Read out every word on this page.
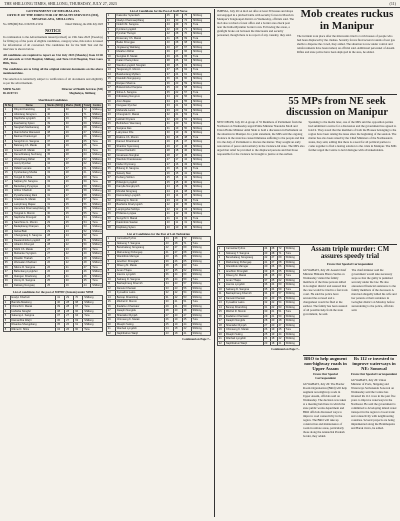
THE SHILLONG TIMES, SHILLONG, THURSDAY, JULY 27, 2023	(11)
GOVERNMENT OF MEGHALAYA
OFFICE OF THE DIRECTOR OF HEALTH SERVICES (MI),
MEGHALAYA, SHILLONG
No. DHS(MI)/Estt./2/2023/Pt-I/1234	Dated Shillong, the 26th July 2023
NOTICE

In continuation to the Advertisement issued (revised) on 13th June 2023 (Tuesday) for filling up of the posts of eligible candidates, category-wise, this notice is issued for information of all concerned. The candidates list for the Skill Test and the interview is shown below.

All candidates are required to report on 31st July 2023 (Monday) from 10:00 AM onwards at Civil Hospital, Shillong, and Tura Civil Hospital, West Garo Hills, Tura.

The candidates are to bring all the original relevant documents on the above mentioned date.

The selection is tentatively subject to verification of all documents and eligibility as per the advertisement.

MIPR No.621 Dt.26/07/23
Director of Health Services (MI)
Meghalaya, Shillong
Shortlisted Candidates
Sl No	Name	Marks (MCQ)	Marks (Skill)	Total	Centre
1	Rikynti Kharshiing	42	30	72	Shillong
2	Aiborlang Nongrum	40	31	71	Shillong
3	Daphisha Lyngdoh	41	29	70	Shillong
4	Everlasting Syiem	39	30	69	Shillong
5	Nangbah Marbaniang	38	30	68	Shillong
6	Ibanrishisha Wanswett	38	29	67	Shillong
7	Bashan Kharkongor	37	29	66	Shillong
8	Sengchim A. Sangma	37	28	65	Tura
9	Balsrang Ch. Marak	36	29	65	Tura
10	Greneth R. Marak	36	28	64	Tura
11	Damebhalang Suchiang	35	28	63	Shillong
12	Wanphrang Dkhar	35	27	62	Shillong
13	Jenny Rymbai	34	28	62	Shillong
14	Ridalin Lamare	34	27	61	Shillong
15	Kyrshanlang Shullai	33	28	61	Shillong
16	Tengsil D. Shira	33	27	60	Tura
17	Saljrang M. Sangma	33	26	59	Tura
18	Banteilang Pyngrope	32	27	59	Shillong
19	Iohbor Kharbuli	32	26	58	Shillong
20	Pynskhemlang Rani	31	27	58	Shillong
21	Gracious N. Marak	31	26	57	Tura
22	Lamphrang Majaw	31	25	56	Shillong
23	Hamebok Kharmawphlang	30	26	56	Shillong
24	Tengrak A. Momin	30	25	55	Tura
25	Naphisha Khongwir	30	24	54	Shillong
26	Sanchime G. Momin	29	25	54	Tura
27	Badapbiang Kharpan	29	24	53	Shillong
28	Ilarisa Blah	29	23	52	Shillong
29	Chengsrang K. Sangma	28	24	52	Tura
30	Dawanshisha Lyngdoh	28	23	51	Shillong
31	Aibanlin Khongsit	28	22	50	Shillong
32	Silchi Ch. Marak	27	23	50	Tura
33	Mebanker Syngkon	27	22	49	Shillong
34	Risuklin Thabah	27	21	48	Shillong
35	Wansalan Kharbani	26	22	48	Shillong
36	Nikme R. Sangma	26	21	47	Tura
37	Bahunlang Lyngkhoi	26	20	46	Shillong
38	Ibatngen Kharkrang	25	21	46	Shillong
39	Jimmy D. Sangma	25	20	45	Tura
40	Dabiang Nongsiej	25	19	44	Shillong
List of candidates for the post of MPHW (Female) under NHM
1	Evalyn Kharbuli	41	29	70	Shillong
2	Banrida Mawlong	40	28	68	Shillong
3	Chimchi N. Marak	39	28	67	Tura
4	Ioshisha Nongbri	38	28	66	Shillong
5	Salseng A. Sangma	37	27	64	Tura
6	Damanbha Warjri	36	27	63	Shillong
7	Riwanka Shangpliang	35	26	61	Shillong
8	Rikme D. Shira	34	26	60	Tura
List of Candidates for the Post of Staff Nurse
1	Ibakordor Syiemlieh	45	30	75	Shillong
2	Gladys Kharmawphlang	44	30	74	Shillong
3	Nokchi M. Sangma	43	29	72	Tura
4	Kyntiew Lyngdoh	42	29	71	Shillong
5	Pynshai Thongni	42	28	70	Shillong
6	Rosemary Ch. Marak	41	28	69	Tura
7	Badei Khongjee	40	28	68	Shillong
8	Jingiaseng Wahlang	40	27	67	Shillong
9	Meiahun Dkhar	39	27	66	Shillong
10	Sengbat R. Marak	39	26	65	Tura
11	Ibalari Kharsyntiew	38	26	64	Shillong
12	Wanda Lyngdoh Nonglait	38	25	63	Shillong
13	Tangsrang K. Momin	37	25	62	Tura
14	Baiahunlang Mylliem	37	24	61	Shillong
15	Dasuklin Nongspung	36	24	60	Shillong
16	Ranjeet Sharma	36	23	59	Shillong
17	Bidanshisha Kharjana	35	23	58	Shillong
18	Silme A. Sangma	35	22	57	Tura
19	Kitboklang Nongrum	34	22	56	Shillong
20	Aiom Majaw	34	21	55	Shillong
21	Nangsan Rymbai	33	21	54	Shillong
22	Mebanda Lamin	33	20	53	Shillong
23	Chengrak D. Marak	32	21	53	Tura
24	Iaishah Khyriem	32	20	52	Shillong
25	Bethlehem Wanniang	31	20	51	Shillong
26	Sanjana Das	31	19	50	Shillong
27	Lakyntiew Pde	30	19	49	Shillong
28	Rakime Ch. Momin	30	18	48	Tura
29	Ibameri Kharshandi	29	18	47	Shillong
30	Shanbor Syiemiong	29	17	46	Shillong
31	Prisca Kharlukhi	28	18	46	Shillong
32	Greatness Nongbet	28	17	45	Shillong
33	Wanbok Khardewsaw	27	17	44	Shillong
34	Naba Chyrmang	27	16	43	Shillong
35	Bilseng R. Sangma	26	16	42	Tura
36	Sweety Sten	26	15	41	Shillong
37	Kerlang Sohtun	25	16	41	Shillong
38	Pdiangki Lyngdoh	25	15	40	Shillong
39	Ibanylla Nongkynrih	24	15	39	Shillong
40	Mondal Nongrang	24	14	38	Shillong
41	Damonlang Lyngdoh	23	14	37	Shillong
42	Rikseng G. Momin	23	13	36	Tura
43	Bashisha Kharlyngdoh	22	13	35	Shillong
44	Lamjingshai Sohliya	22	12	34	Shillong
45	Philarisa Lyngwa	21	12	33	Shillong
46	Sengchi N. Marak	21	11	32	Tura
47	Ibadonbok Sawian	20	11	31	Shillong
48	Dapbiang Syiem	20	10	30	Shillong
List of Candidates for the Post of Lab Technician
1	Carmelita Pyrbot	44	28	72	Shillong
2	Nokseng T. Sangma	43	28	71	Tura
3	Banshailang Nongsiang	42	27	69	Shillong
4	Riahunlang Pohsngap	41	27	68	Shillong
5	Wankitbok Marngar	40	26	66	Shillong
6	Ianehbor Khonglah	39	26	65	Shillong
7	Dilseng M. Marak	38	25	63	Tura
8	Aman Thapa	37	25	62	Shillong
9	Ioannis Lyngdoh	36	24	60	Shillong
10	Salnang D. Sangma	35	24	59	Tura
11	Bashaphrang Kharmih	34	23	57	Shillong
12	Dameki Kharsati	33	23	56	Shillong
13	Kynsaibor Laloo	32	22	54	Shillong
14	Banrap Kharshiing	31	22	53	Shillong
15	Mitchel R. Momin	30	21	51	Tura
16	Ibadahun Kharnaior	29	21	50	Shillong
17	Daiaphi Nongtdu	28	20	48	Shillong
18	Shaniabor Rynjah	27	20	47	Shillong
19	Chimseng K. Marak	26	19	45	Tura
20	Risaphi Suting	25	19	44	Shillong
21	Wanbait Lyngdoh	24	18	42	Shillong
22	Naphibahun Warjri	23	18	41	Shillong
Continued on Page 7...
IMPHAL, July 26: A mob set afire at least 30 houses and shops and engaged in a pitched battle with security forces in Moreh in Manipur's Tengnoupal district on Wednesday, officials said. The mob also torched a forest office and a border area check post near the India-Myanmar border town. Following the arson, a gunfight broke out between the miscreants and security personnel, though there is no report of any casualty, they said.
Mob creates ruckus in Manipur
The incident took place after the miscreants tried to torch houses of people who had been displaced by the clashes. Security forces fired several rounds of tear gas shells to disperse the crowd, they added. The situation is now under control and reinforcements have been rushed, an official said. Additional personnel of Assam Rifles and state police have been deployed in the area, he added.
55 MPs from NE seek discussion on Manipur
NEW DELHI, July 26: A group of 55 Members of Parliament from the Northeast on Wednesday urged Prime Minister Narendra Modi and Union Home Minister Amit Shah to hold a discussion in Parliament on the situation in Manipur. In a joint statement, the MPs said the ongoing violence in the state has caused immense suffering to the people and that it is the duty of Parliament to discuss the matter. They sought an early restoration of peace and normalcy in the violence-hit state. The MPs also urged that relief be provided to the displaced persons and that those responsible for the violence be brought to justice at the earliest.
Speaking to the media later, one of the MPs said the opposition parties had submitted a notice for a discussion and the government has agreed to hold it. They noted that the members of both the Houses belonging to the region have been raising the issue since the beginning of the session. The matter has also been raised by the Chief Ministers of the Northeastern states, they said, adding that there is a need for all political parties to come together to find a lasting solution to the crisis in Manipur. The MPs further urged the Centre to hold dialogue with all stakeholders.
Assam triple murder: CM assures speedy trial
From Our Special Correspondent
GUWAHATI, July 26: Assam Chief Minister Himanta Biswa Sarma on Wednesday visited the family members of the three persons killed in Golaghat district and assured that the case would be tried in a fast track court. He said the police have arrested the accused and a chargesheet would be filed at the earliest. The family has been assured of all possible help from the state government, he said.
The chief minister said the government would take necessary steps so that the guilty is punished severely under the law. He also announced financial assistance to the family members of the deceased. A man had allegedly killed his wife and her parents at their residence in Golaghat district on Monday before surrendering to the police, officials said.
BRO to help augment non-highway roads in Upper Assam
From Our Special Correspondent
GUWAHATI, July 26: The Border Roads Organisation (BRO) will help augment non-highway roads in Upper Assam, officials said on Wednesday. The decision was taken at a meeting held here in which the state public works department and BRO officials discussed ways to improve road connectivity in the region. The BRO will take up construction and maintenance of roads in remote areas, particularly those along the Arunachal Pradesh border, they added.
Rs 112 cr invested to improve waterways in NE: Sonowal
From Our Special Correspondent
GUWAHATI, July 26: Union Minister of Ports, Shipping and Waterways Sarbananda Sonowal on Wednesday said the Centre has invested Rs 112 crore in the past five years to improve waterways in the Northeast. He said the government is committed to developing inland water transport in the region to boost trade and connectivity with neighbouring countries. Several projects are being implemented along the Brahmaputra and Barak rivers, he added.
1	Carmelita Pyrbot	44	28	72	Shillong
2	Nokseng T. Sangma	43	28	71	Tura
3	Banshailang Nongsiang	42	27	69	Shillong
4	Riahunlang Pohsngap	41	27	68	Shillong
5	Wankitbok Marngar	40	26	66	Shillong
6	Ianehbor Khonglah	39	26	65	Shillong
7	Dilseng M. Marak	38	25	63	Tura
8	Aman Thapa	37	25	62	Shillong
9	Ioannis Lyngdoh	36	24	60	Shillong
10	Salnang D. Sangma	35	24	59	Tura
11	Bashaphrang Kharmih	34	23	57	Shillong
12	Dameki Kharsati	33	23	56	Shillong
13	Kynsaibor Laloo	32	22	54	Shillong
14	Banrap Kharshiing	31	22	53	Shillong
15	Mitchel R. Momin	30	21	51	Tura
16	Ibadahun Kharnaior	29	21	50	Shillong
17	Daiaphi Nongtdu	28	20	48	Shillong
18	Shaniabor Rynjah	27	20	47	Shillong
19	Chimseng K. Marak	26	19	45	Tura
20	Risaphi Suting	25	19	44	Shillong
21	Wanbait Lyngdoh	24	18	42	Shillong
22	Naphibahun Warjri	23	18	41	Shillong
Continued on Page 7...
